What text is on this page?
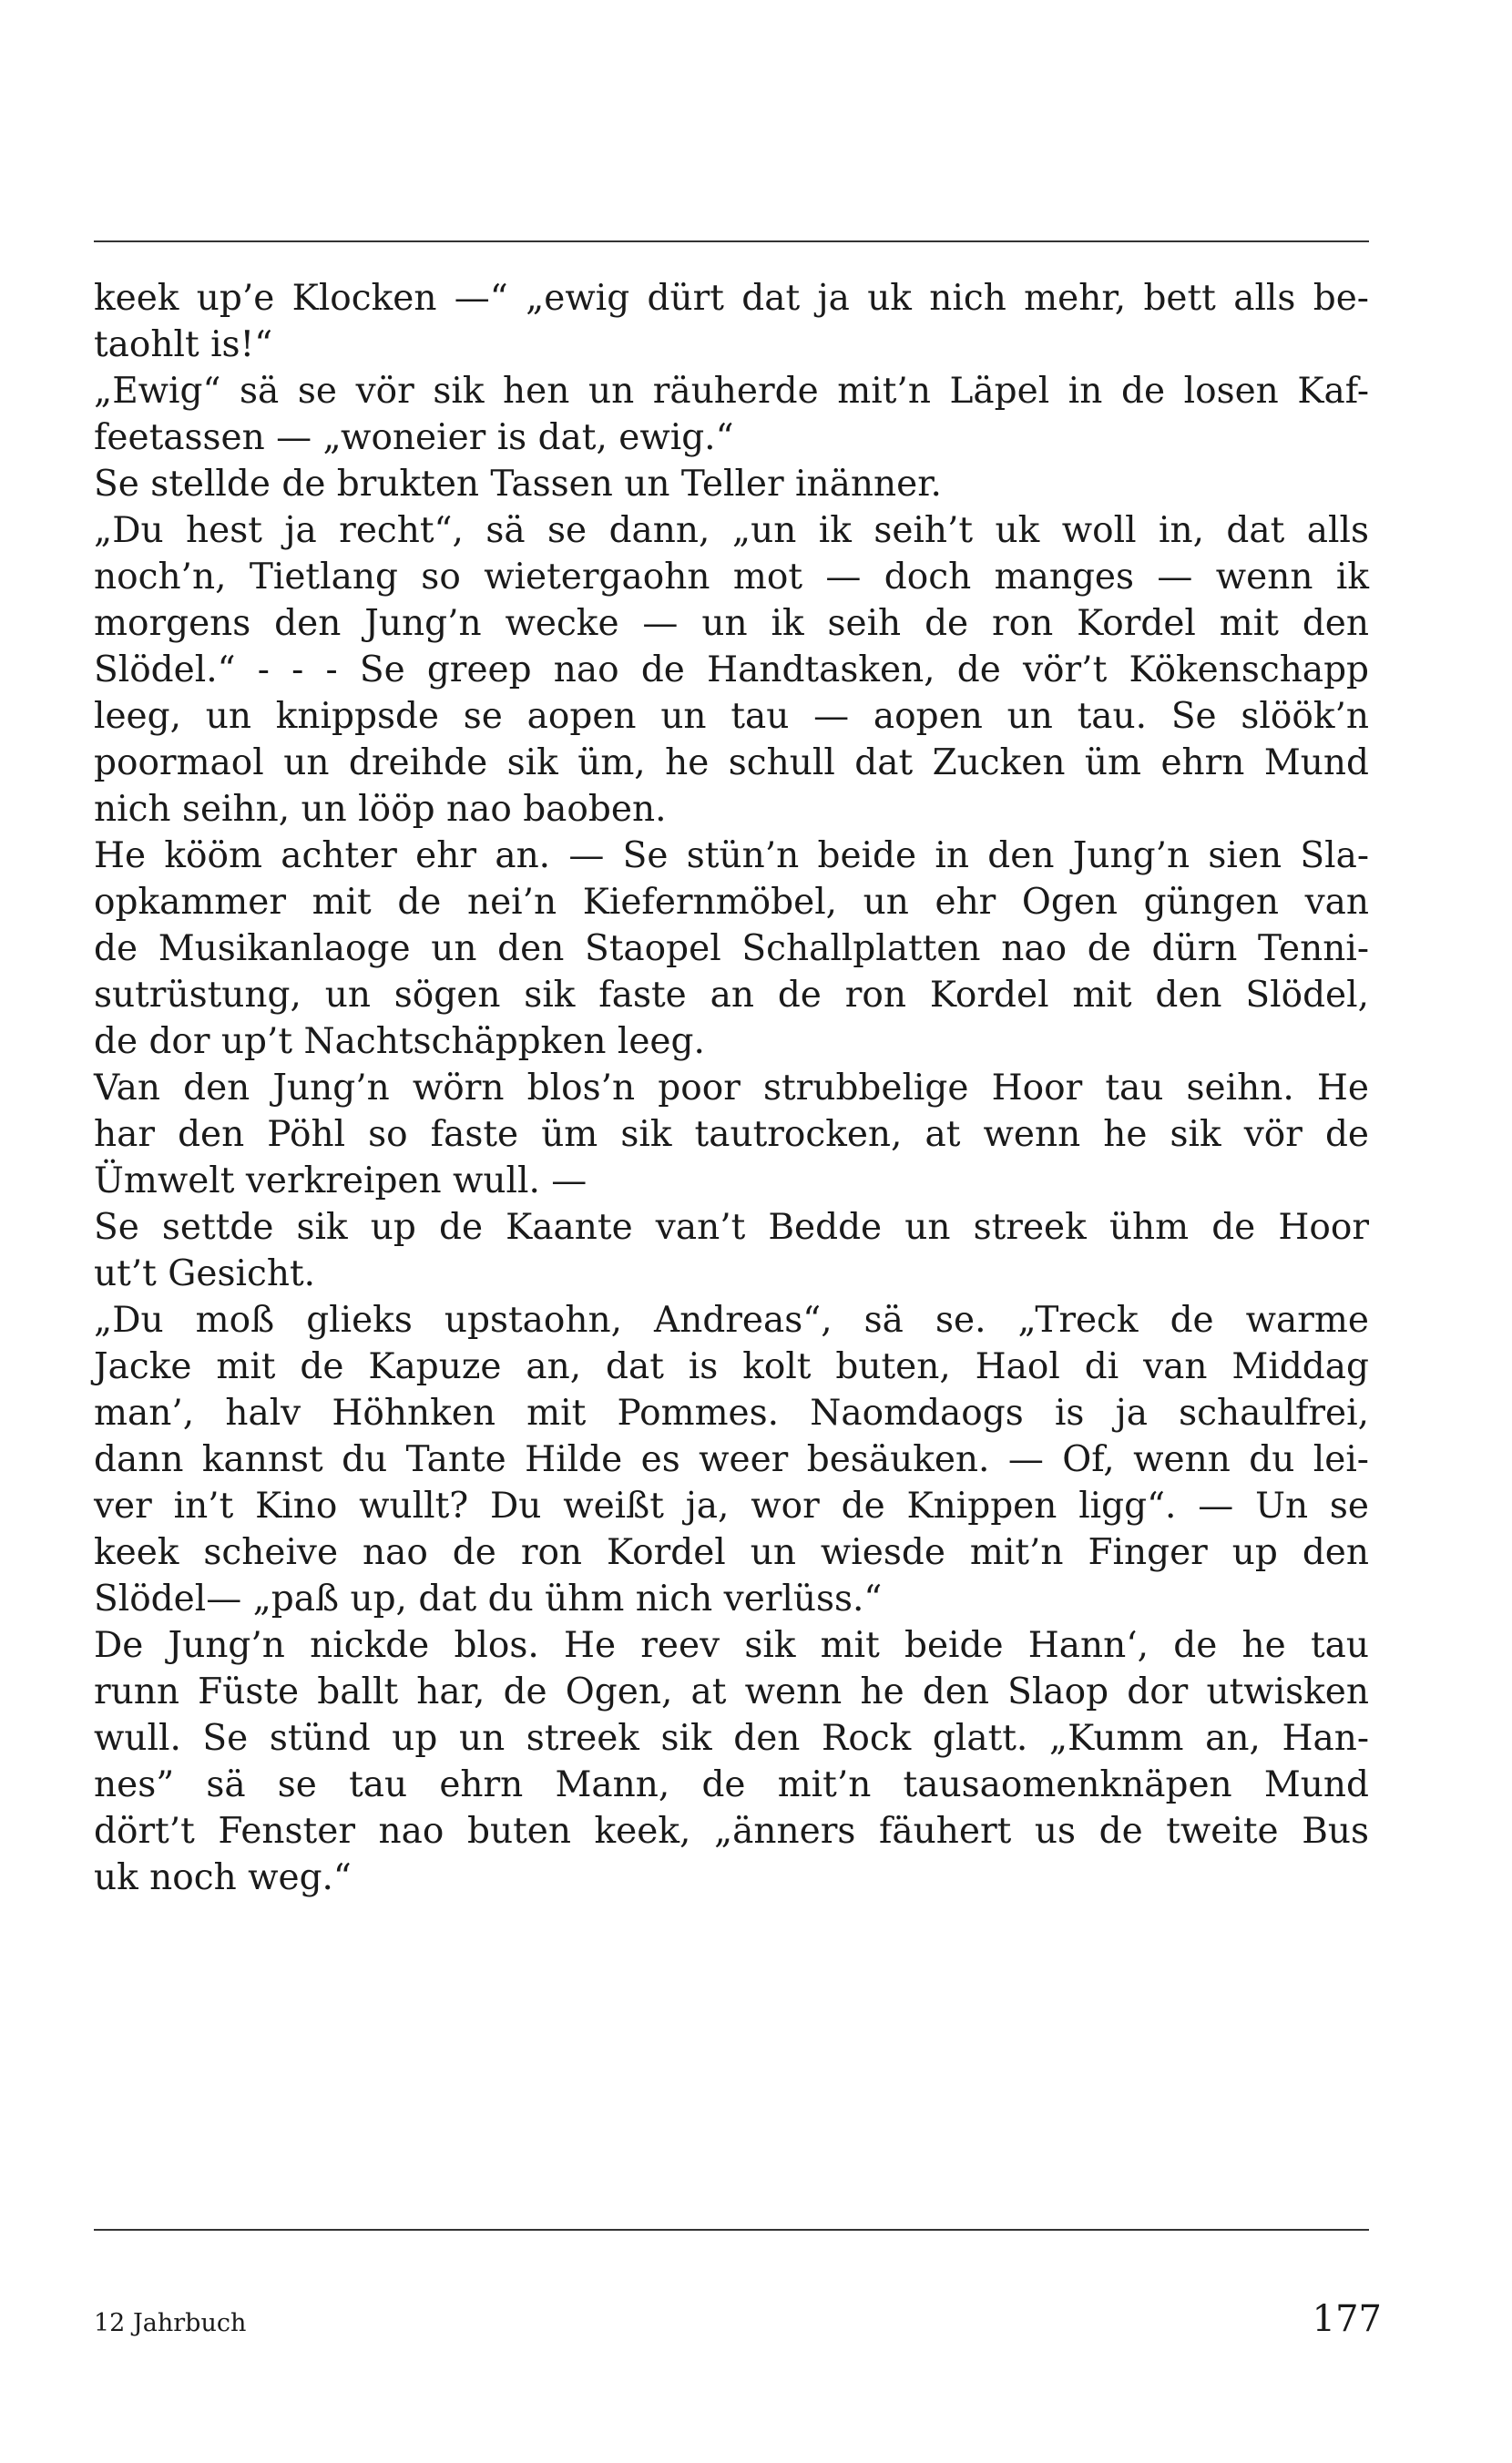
keek up’e Klocken —“ „ewig dürt dat ja uk nich mehr, bett alls be-
taohlt is!“
„Ewig“ sä se vör sik hen un räuherde mit’n Läpel in de losen Kaf-
feetassen — „woneier is dat, ewig.“
Se stellde de brukten Tassen un Teller inänner.
„Du hest ja recht“, sä se dann, „un ik seih’t uk woll in, dat alls
noch’n, Tietlang so wietergaohn mot — doch manges — wenn ik
morgens den Jung’n wecke — un ik seih de ron Kordel mit den
Slödel.“ - - - Se greep nao de Handtasken, de vör’t Kökenschapp
leeg, un knippsde se aopen un tau — aopen un tau. Se slöök’n
poormaol un dreihde sik üm, he schull dat Zucken üm ehrn Mund
nich seihn, un lööp nao baoben.
He kööm achter ehr an. — Se stün’n beide in den Jung’n sien Sla-
opkammer mit de nei’n Kiefernmöbel, un ehr Ogen güngen van
de Musikanlaoge un den Staopel Schallplatten nao de dürn Tenni-
sutrüstung, un sögen sik faste an de ron Kordel mit den Slödel,
de dor up’t Nachtschäppken leeg.
Van den Jung’n wörn blos’n poor strubbelige Hoor tau seihn. He
har den Pöhl so faste üm sik tautrocken, at wenn he sik vör de
Ümwelt verkreipen wull. —
Se settde sik up de Kaante van’t Bedde un streek ühm de Hoor
ut’t Gesicht.
„Du moß glieks upstaohn, Andreas“, sä se. „Treck de warme
Jacke mit de Kapuze an, dat is kolt buten, Haol di van Middag
man’, halv Höhnken mit Pommes. Naomdaogs is ja schaulfrei,
dann kannst du Tante Hilde es weer besäuken. — Of, wenn du lei-
ver in’t Kino wullt? Du weißt ja, wor de Knippen ligg“. — Un se
keek scheive nao de ron Kordel un wiesde mit’n Finger up den
Slödel— „paß up, dat du ühm nich verlüss.“
De Jung’n nickde blos. He reev sik mit beide Hann‘, de he tau
runn Füste ballt har, de Ogen, at wenn he den Slaop dor utwisken
wull. Se stünd up un streek sik den Rock glatt. „Kumm an, Han-
nes” sä se tau ehrn Mann, de mit’n tausaomenknäpen Mund
dört’t Fenster nao buten keek, „änners fäuhert us de tweite Bus
uk noch weg.“
12 Jahrbuch	177
